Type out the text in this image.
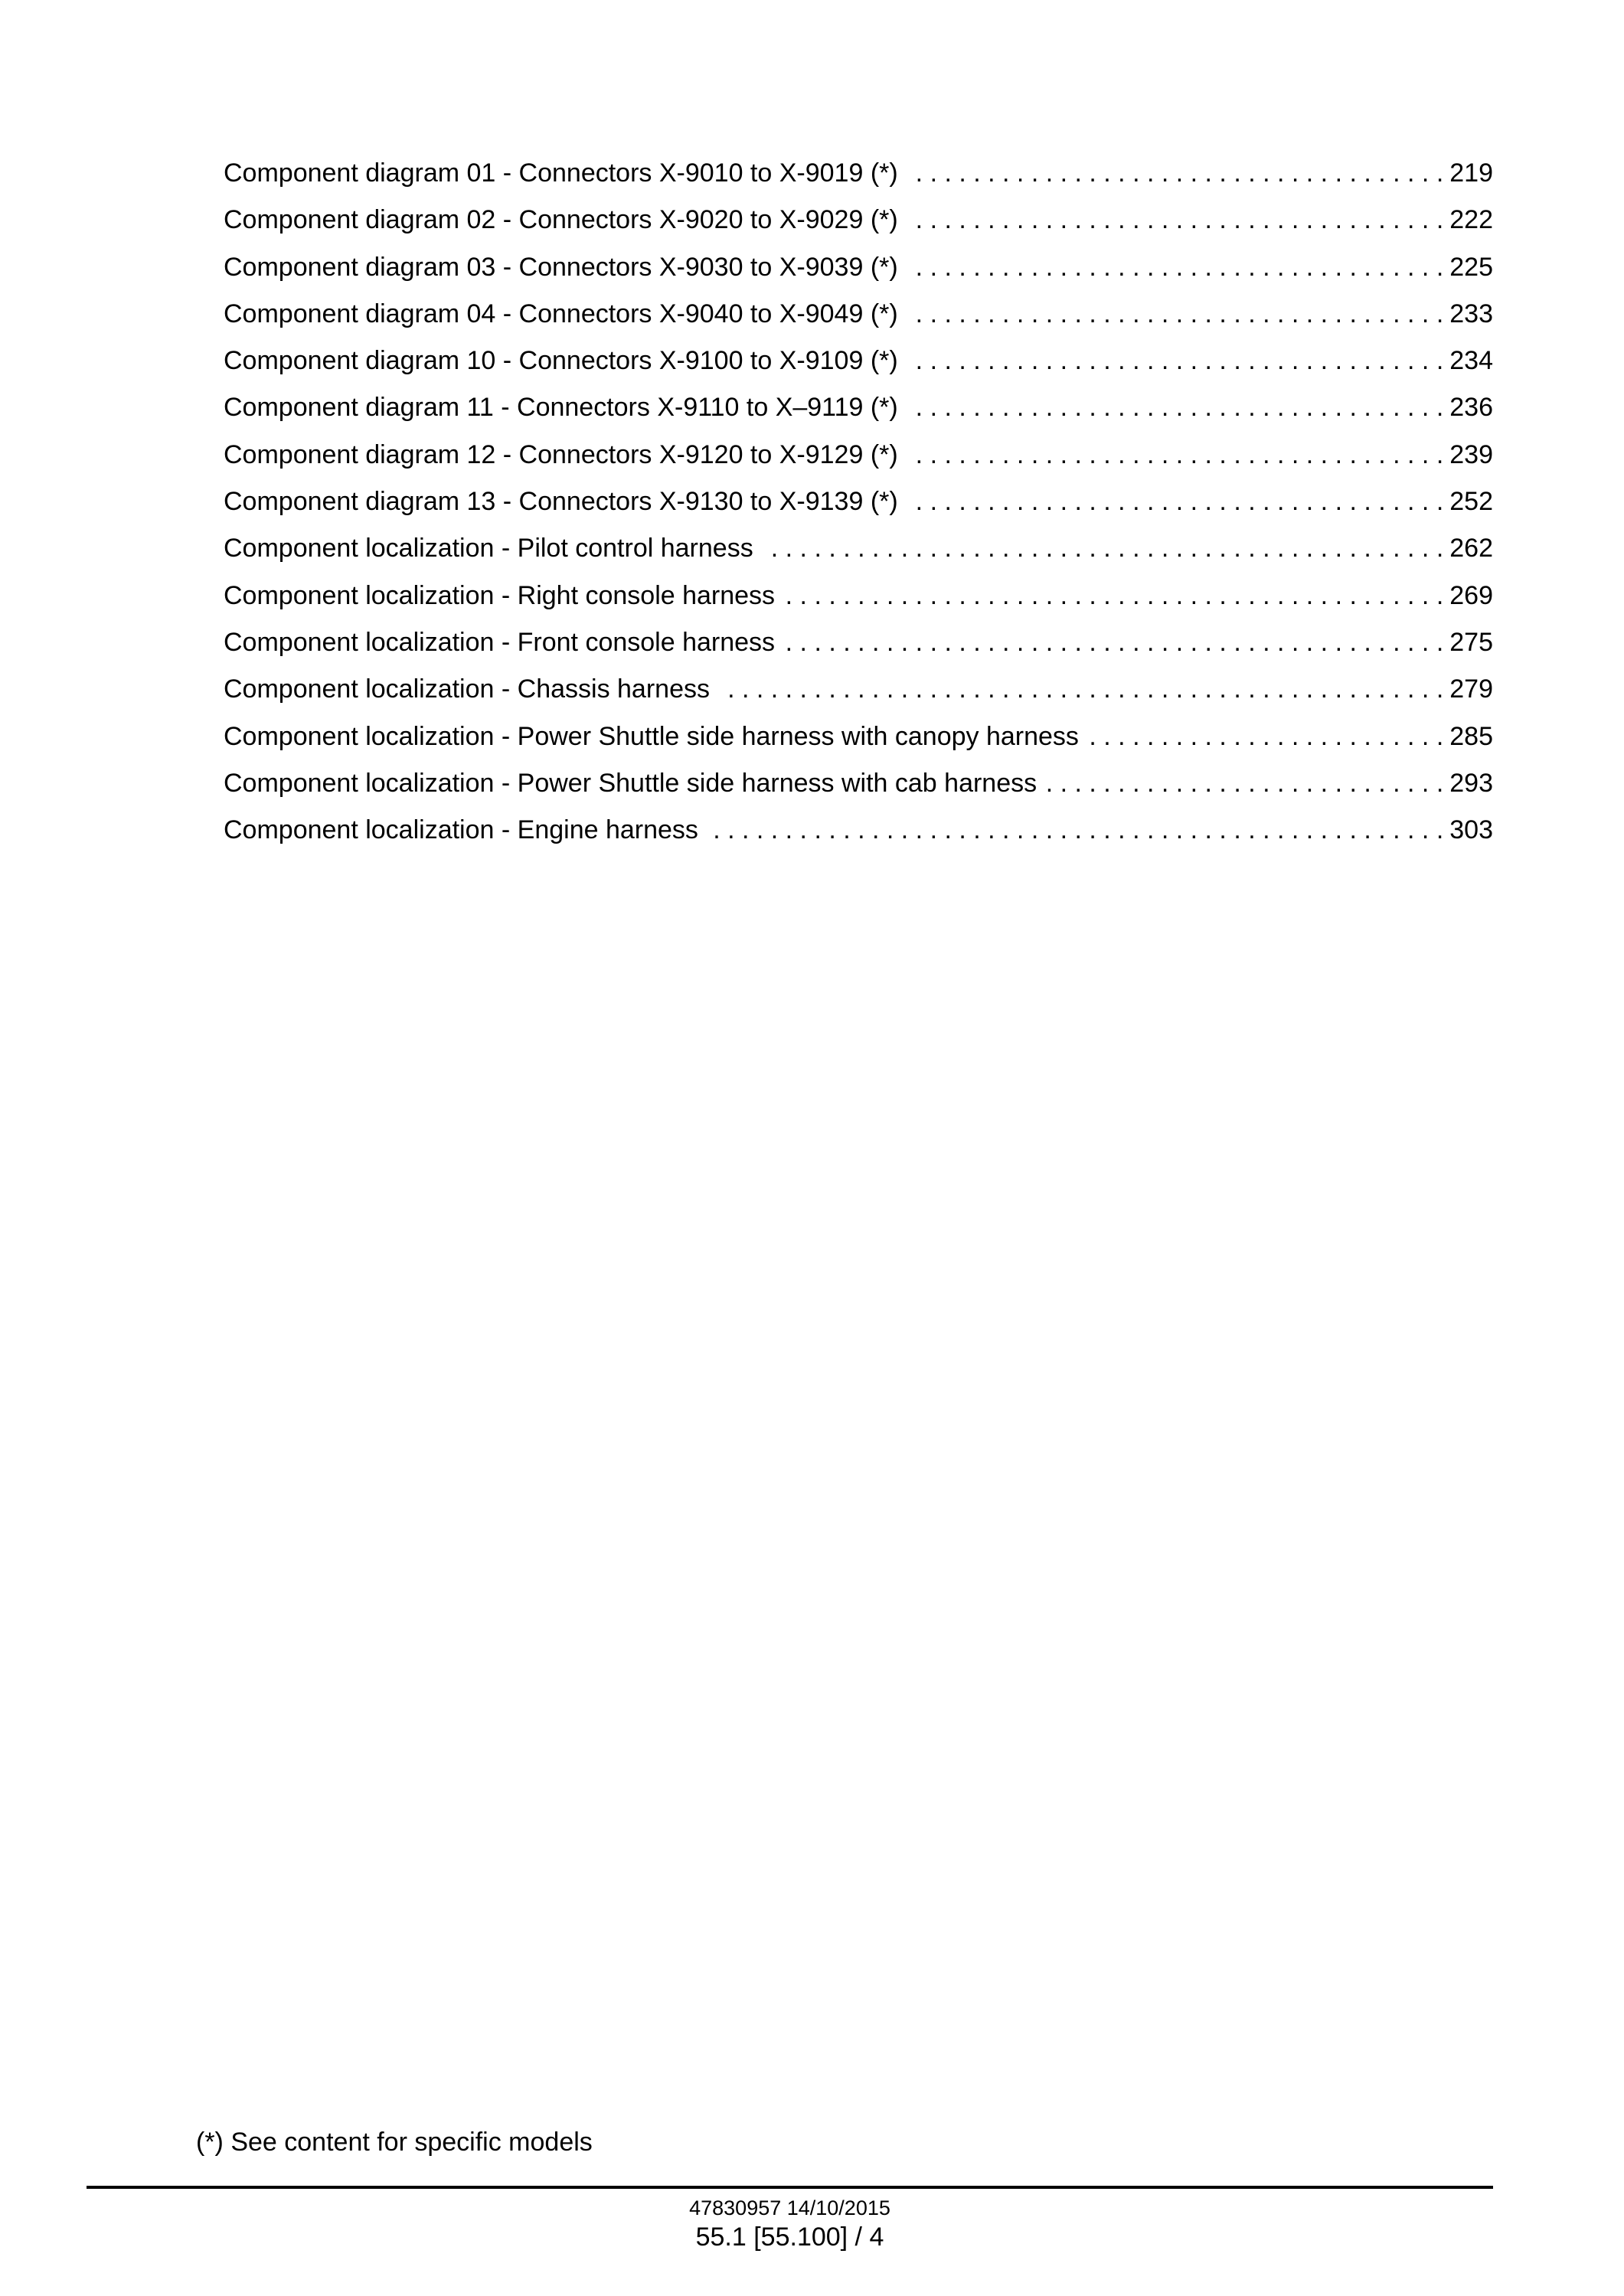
Component diagram 01 - Connectors X-9010 to X-9019 (*) . . .	219
Component diagram 02 - Connectors X-9020 to X-9029 (*) . . .	222
Component diagram 03 - Connectors X-9030 to X-9039 (*) . . .	225
Component diagram 04 - Connectors X-9040 to X-9049 (*) . . .	233
Component diagram 10 - Connectors X-9100 to X-9109 (*) . . .	234
Component diagram 11 - Connectors X-9110 to X–9119 (*) . . .	236
Component diagram 12 - Connectors X-9120 to X-9129 (*) . . .	239
Component diagram 13 - Connectors X-9130 to X-9139 (*) . . .	252
Component localization - Pilot control harness . . .	262
Component localization - Right console harness . . .	269
Component localization - Front console harness . . .	275
Component localization - Chassis harness . . .	279
Component localization - Power Shuttle side harness with canopy harness . . .	285
Component localization - Power Shuttle side harness with cab harness . . .	293
Component localization - Engine harness . . .	303
(*) See content for specific models
47830957 14/10/2015
55.1 [55.100] / 4
